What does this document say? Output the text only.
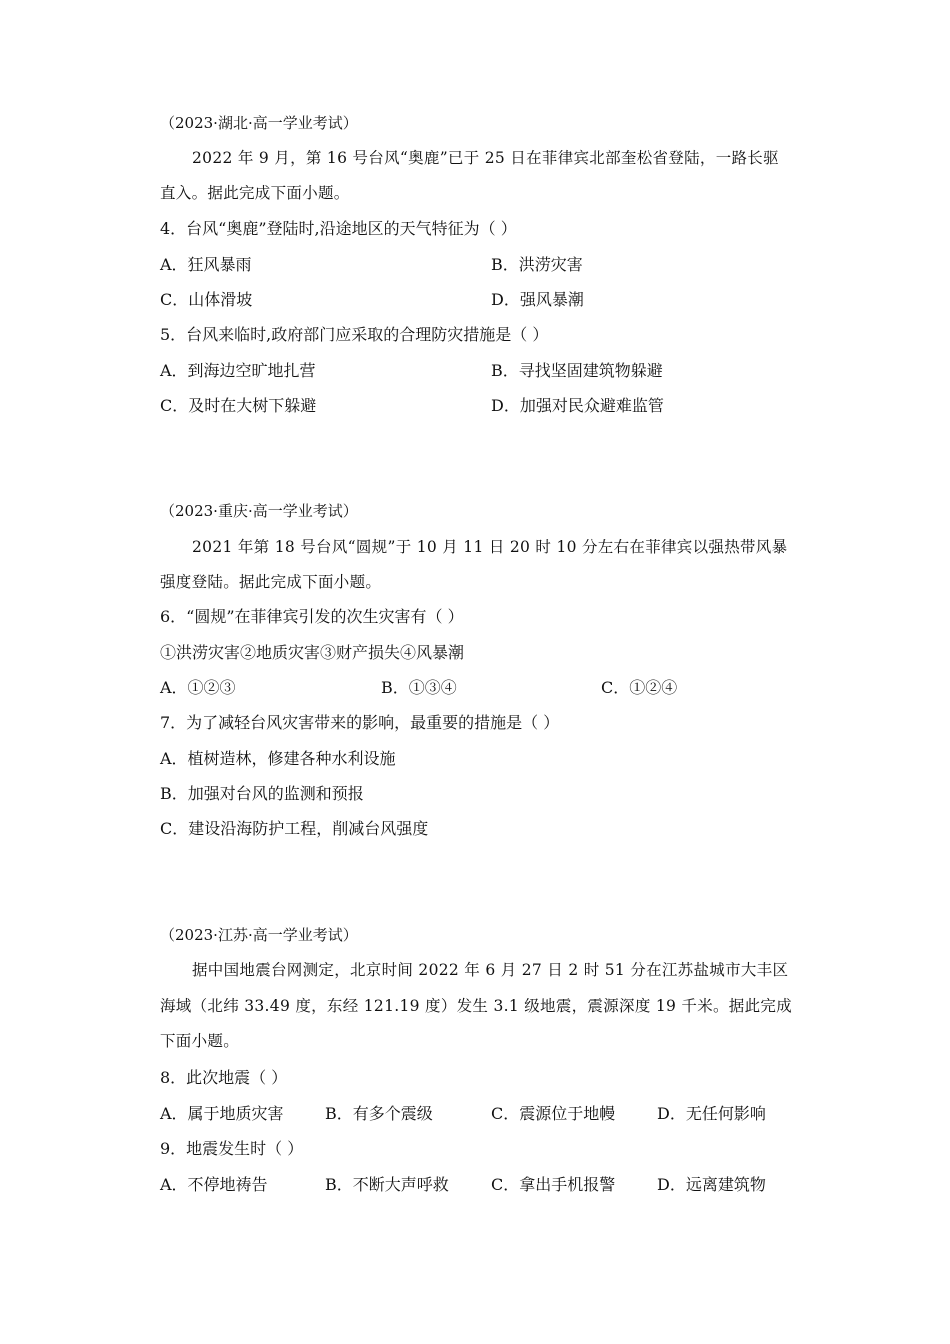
（2023·湖北·高一学业考试）
2022 年 9 月，第 16 号台风“奥鹿”已于 25 日在菲律宾北部奎松省登陆，一路长驱
直入。据此完成下面小题。
4．台风“奥鹿”登陆时,沿途地区的天气特征为（ ）
A．狂风暴雨	B．洪涝灾害
C．山体滑坡	D．强风暴潮
5．台风来临时,政府部门应采取的合理防灾措施是（ ）
A．到海边空旷地扎营	B．寻找坚固建筑物躲避
C．及时在大树下躲避	D．加强对民众避难监管
（2023·重庆·高一学业考试）
2021 年第 18 号台风“圆规”于 10 月 11 日 20 时 10 分左右在菲律宾以强热带风暴
强度登陆。据此完成下面小题。
6．“圆规”在菲律宾引发的次生灾害有（ ）
①洪涝灾害②地质灾害③财产损失④风暴潮
A．①②③	B．①③④	C．①②④
7．为了减轻台风灾害带来的影响，最重要的措施是（ ）
A．植树造林，修建各种水利设施
B．加强对台风的监测和预报
C．建设沿海防护工程，削减台风强度
（2023·江苏·高一学业考试）
据中国地震台网测定，北京时间 2022 年 6 月 27 日 2 时 51 分在江苏盐城市大丰区
海域（北纬 33.49 度，东经 121.19 度）发生 3.1 级地震，震源深度 19 千米。据此完成
下面小题。
8．此次地震（ ）
A．属于地质灾害	B．有多个震级	C．震源位于地幔	D．无任何影响
9．地震发生时（ ）
A．不停地祷告	B．不断大声呼救	C．拿出手机报警	D．远离建筑物
